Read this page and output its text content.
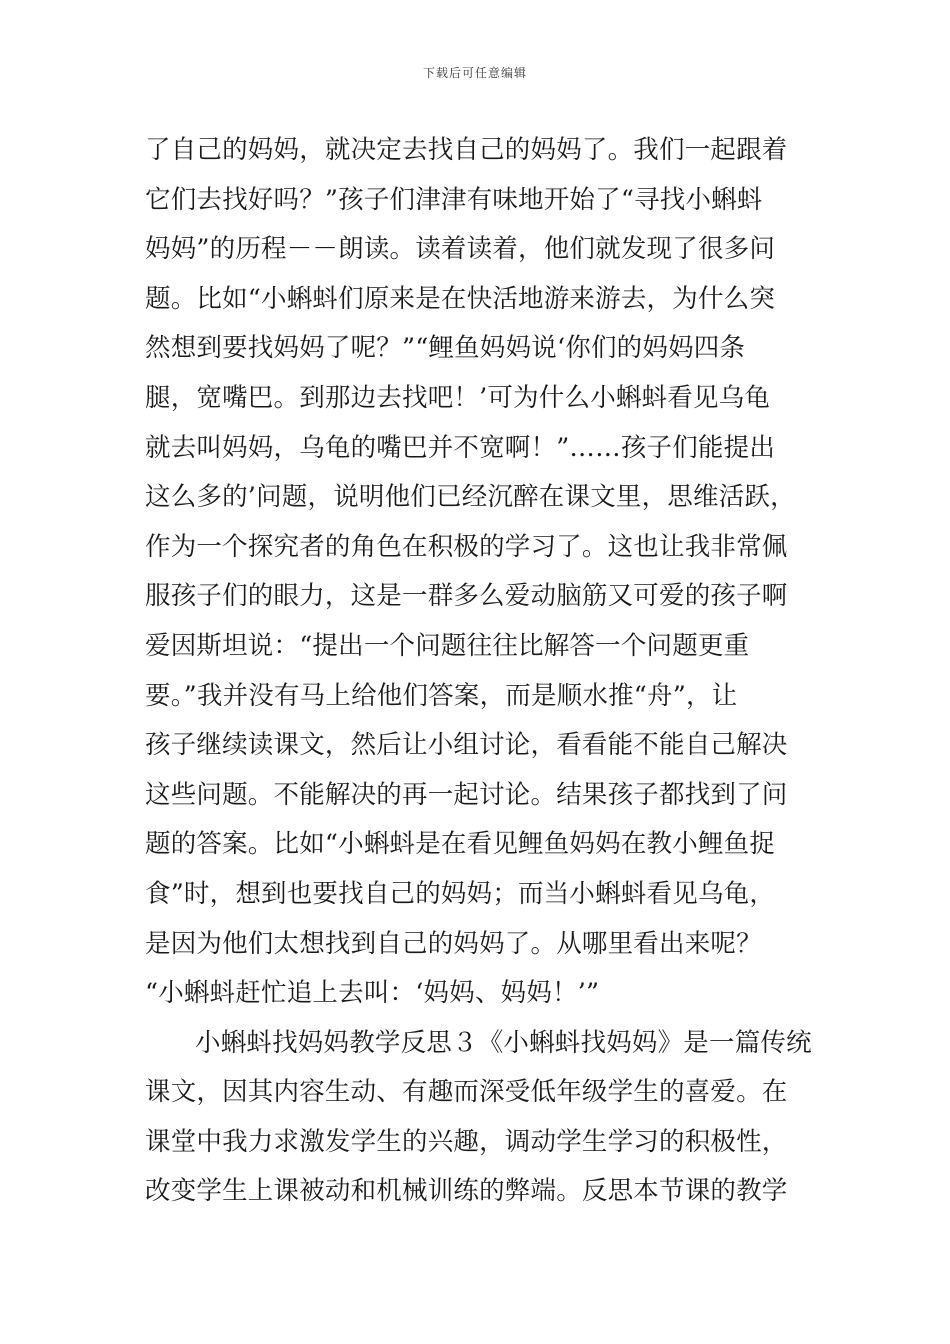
下载后可任意编辑
了自己的妈妈，就决定去找自己的妈妈了。我们一起跟着
它们去找好吗？”孩子们津津有味地开始了“寻找小蝌蚪
妈妈”的历程－－朗读。读着读着，他们就发现了很多问
题。比如“小蝌蚪们原来是在快活地游来游去，为什么突
然想到要找妈妈了呢？”“鲤鱼妈妈说‘你们的妈妈四条
腿，宽嘴巴。到那边去找吧！’可为什么小蝌蚪看见乌龟
就去叫妈妈，乌龟的嘴巴并不宽啊！”……孩子们能提出
这么多的’问题，说明他们已经沉醉在课文里，思维活跃，
作为一个探究者的角色在积极的学习了。这也让我非常佩
服孩子们的眼力，这是一群多么爱动脑筋又可爱的孩子啊
爱因斯坦说：“提出一个问题往往比解答一个问题更重
要。”我并没有马上给他们答案，而是顺水推“舟”，让
孩子继续读课文，然后让小组讨论，看看能不能自己解决
这些问题。不能解决的再一起讨论。结果孩子都找到了问
题的答案。比如“小蝌蚪是在看见鲤鱼妈妈在教小鲤鱼捉
食”时，想到也要找自己的妈妈；而当小蝌蚪看见乌龟，
是因为他们太想找到自己的妈妈了。从哪里看出来呢？
“小蝌蚪赶忙追上去叫：‘妈妈、妈妈！’”
小蝌蚪找妈妈教学反思３《小蝌蚪找妈妈》是一篇传统
课文，因其内容生动、有趣而深受低年级学生的喜爱。在
课堂中我力求激发学生的兴趣，调动学生学习的积极性，
改变学生上课被动和机械训练的弊端。反思本节课的教学
